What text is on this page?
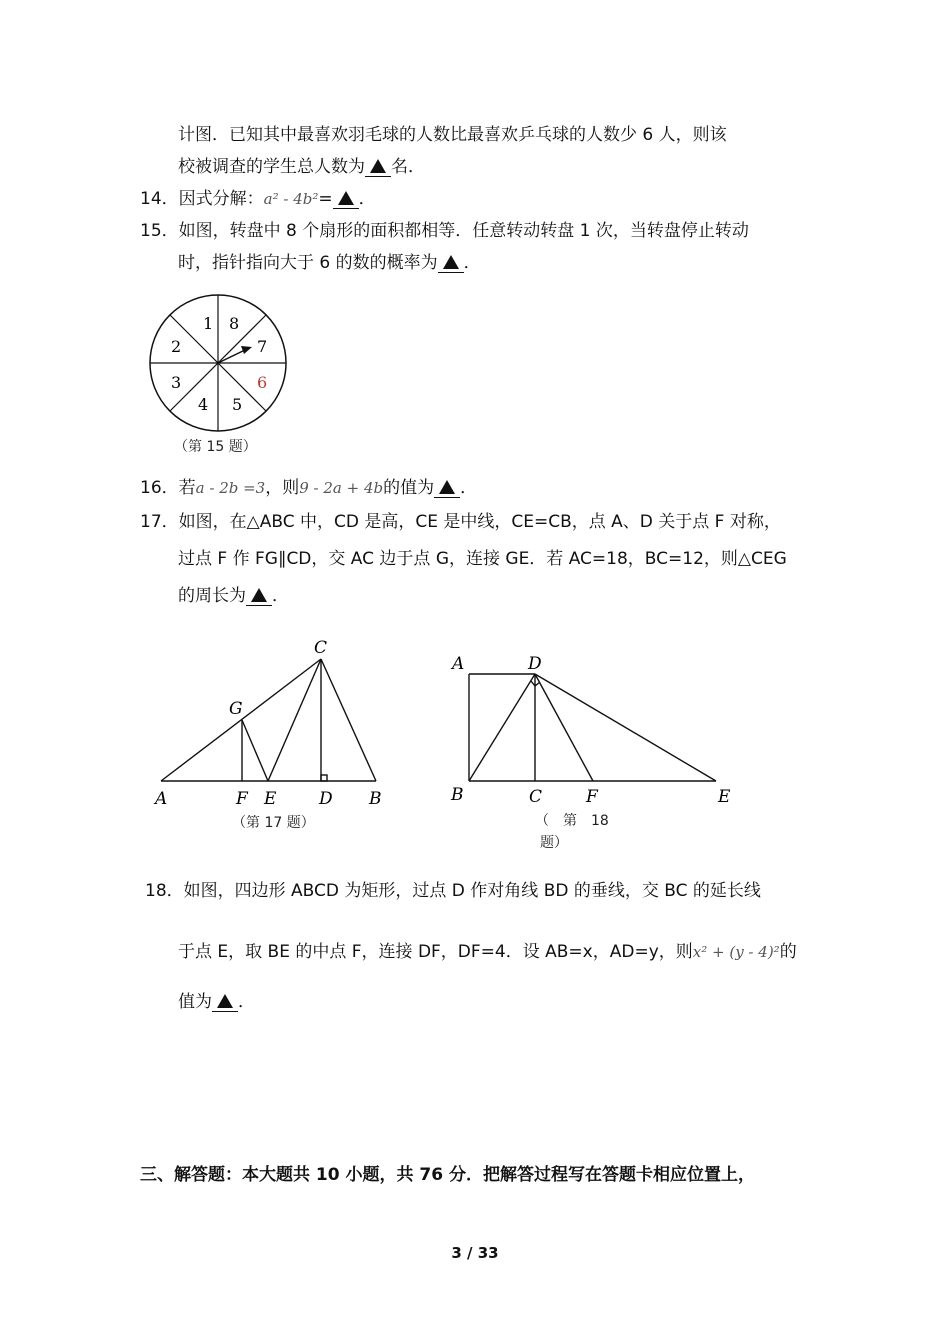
计图．已知其中最喜欢羽毛球的人数比最喜欢乒乓球的人数少 6 人，则该
校被调查的学生总人数为 名．
14．因式分解：a² - 4b²= ．
15．如图，转盘中 8 个扇形的面积都相等．任意转动转盘 1 次，当转盘停止转动
时，指针指向大于 6 的数的概率为 ．
1 8
7
6
5
4
3
2
（第 15 题）
16．若a - 2b =3，则9 - 2a + 4b的值为 ．
17．如图，在△ABC 中，CD 是高，CE 是中线，CE=CB，点 A、D 关于点 F 对称，
过点 F 作 FG∥CD，交 AC 边于点 G，连接 GE．若 AC=18，BC=12，则△CEG
的周长为 ．
A	F E	D B
C
G
（第 17 题）
A	D
B	C	F	E
（　第　18
题）
18．如图，四边形 ABCD 为矩形，过点 D 作对角线 BD 的垂线，交 BC 的延长线
于点 E，取 BE 的中点 F，连接 DF，DF=4．设 AB=x，AD=y，则x² + (y - 4)²的
值为 ．
三、解答题：本大题共 10 小题，共 76 分．把解答过程写在答题卡相应位置上，
3 / 33
